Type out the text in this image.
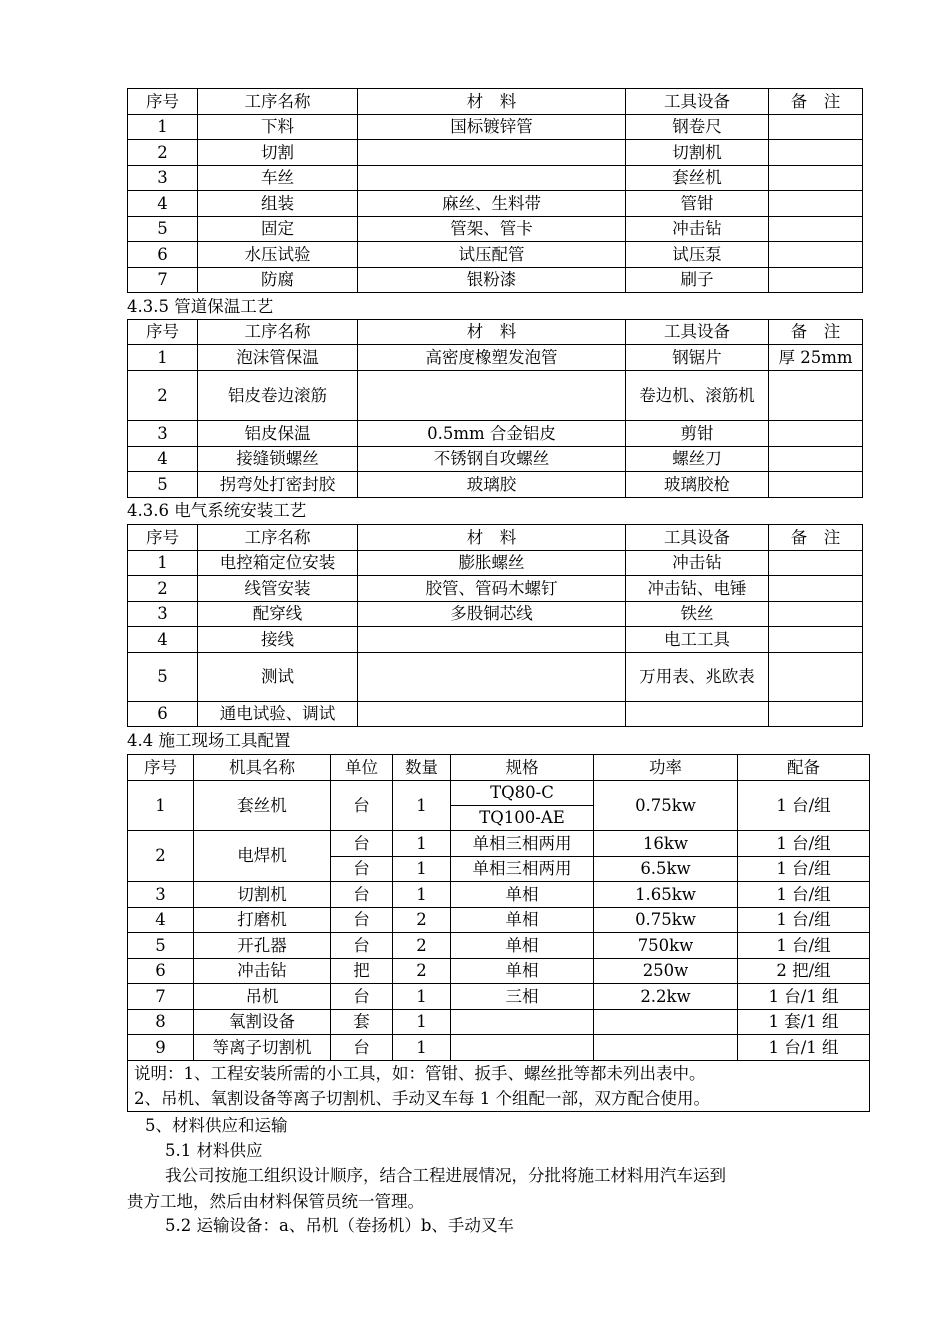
序号	工序名称	材　料	工具设备	备　注
1	下料	国标镀锌管	钢卷尺	
2	切割		切割机	
3	车丝		套丝机	
4	组装	麻丝、生料带	管钳	
5	固定	管架、管卡	冲击钻	
6	水压试验	试压配管	试压泵	
7	防腐	银粉漆	刷子	
4.3.5 管道保温工艺
序号	工序名称	材　料	工具设备	备　注
1	泡沫管保温	高密度橡塑发泡管	钢锯片	厚 25mm
2	铝皮卷边滚筋		卷边机、滚筋机	
3	铝皮保温	0.5mm 合金铝皮	剪钳	
4	接缝锁螺丝	不锈钢自攻螺丝	螺丝刀	
5	拐弯处打密封胶	玻璃胶	玻璃胶枪	
4.3.6 电气系统安装工艺
序号	工序名称	材　料	工具设备	备　注
1	电控箱定位安装	膨胀螺丝	冲击钻	
2	线管安装	胶管、管码木螺钉	冲击钻、电锤	
3	配穿线	多股铜芯线	铁丝	
4	接线		电工工具	
5	测试		万用表、兆欧表	
6	通电试验、调试			
4.4 施工现场工具配置
序号	机具名称	单位	数量	规格	功率	配备
1	套丝机	台	1	TQ80-C	0.75kw	1 台/组
				TQ100-AE		
2	电焊机	台	1	单相三相两用	16kw	1 台/组
		台	1	单相三相两用	6.5kw	1 台/组
3	切割机	台	1	单相	1.65kw	1 台/组
4	打磨机	台	2	单相	0.75kw	1 台/组
5	开孔器	台	2	单相	750kw	1 台/组
6	冲击钻	把	2	单相	250w	2 把/组
7	吊机	台	1	三相	2.2kw	1 台/1 组
8	氧割设备	套	1			1 套/1 组
9	等离子切割机	台	1			1 台/1 组

说明：1、工程安装所需的小工具，如：管钳、扳手、螺丝批等都未列出表中。
2、吊机、氧割设备等离子切割机、手动叉车每 1 个组配一部，双方配合使用。						
5、材料供应和运输
5.1 材料供应
我公司按施工组织设计顺序，结合工程进展情况，分批将施工材料用汽车运到
贵方工地，然后由材料保管员统一管理。
5.2 运输设备：a、吊机（卷扬机）b、手动叉车
